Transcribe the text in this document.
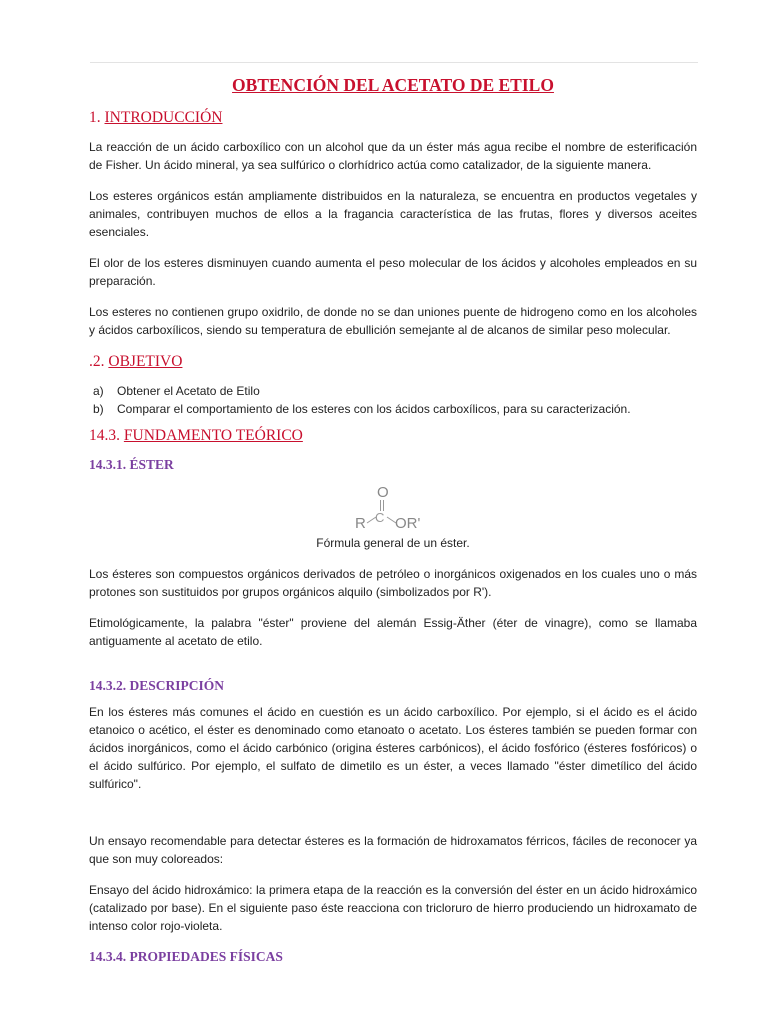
OBTENCIÓN DEL ACETATO DE ETILO
1. INTRODUCCIÓN

La reacción de un ácido carboxílico con un alcohol que da un éster más agua recibe el nombre de esterificación de Fisher. Un ácido mineral, ya sea sulfúrico o clorhídrico actúa como catalizador, de la siguiente manera.

Los esteres orgánicos están ampliamente distribuidos en la naturaleza, se encuentra en productos vegetales y animales, contribuyen muchos de ellos a la fragancia característica de las frutas, flores y diversos aceites esenciales.

El olor de los esteres disminuyen cuando aumenta el peso molecular de los ácidos y alcoholes empleados en su preparación.

Los esteres no contienen grupo oxidrilo, de donde no se dan uniones puente de hidrogeno como en los alcoholes y ácidos carboxílicos, siendo su temperatura de ebullición semejante al de alcanos de similar peso molecular.

.2. OBJETIVO
a)	Obtener el Acetato de Etilo
b)	Comparar el comportamiento de los esteres con los ácidos carboxílicos, para su caracterización.
14.3. FUNDAMENTO TEÓRICO
14.3.1. ÉSTER
O
R C OR'
Fórmula general de un éster.

Los ésteres son compuestos orgánicos derivados de petróleo o inorgánicos oxigenados en los cuales uno o más protones son sustituidos por grupos orgánicos alquilo (simbolizados por R').

Etimológicamente, la palabra "éster" proviene del alemán Essig-Äther (éter de vinagre), como se llamaba antiguamente al acetato de etilo.

14.3.2. DESCRIPCIÓN

En los ésteres más comunes el ácido en cuestión es un ácido carboxílico. Por ejemplo, si el ácido es el ácido etanoico o acético, el éster es denominado como etanoato o acetato. Los ésteres también se pueden formar con ácidos inorgánicos, como el ácido carbónico (origina ésteres carbónicos), el ácido fosfórico (ésteres fosfóricos) o el ácido sulfúrico. Por ejemplo, el sulfato de dimetilo es un éster, a veces llamado "éster dimetílico del ácido sulfúrico".

Un ensayo recomendable para detectar ésteres es la formación de hidroxamatos férricos, fáciles de reconocer ya que son muy coloreados:

Ensayo del ácido hidroxámico: la primera etapa de la reacción es la conversión del éster en un ácido hidroxámico (catalizado por base). En el siguiente paso éste reacciona con tricloruro de hierro produciendo un hidroxamato de intenso color rojo-violeta.

14.3.4. PROPIEDADES FÍSICAS
